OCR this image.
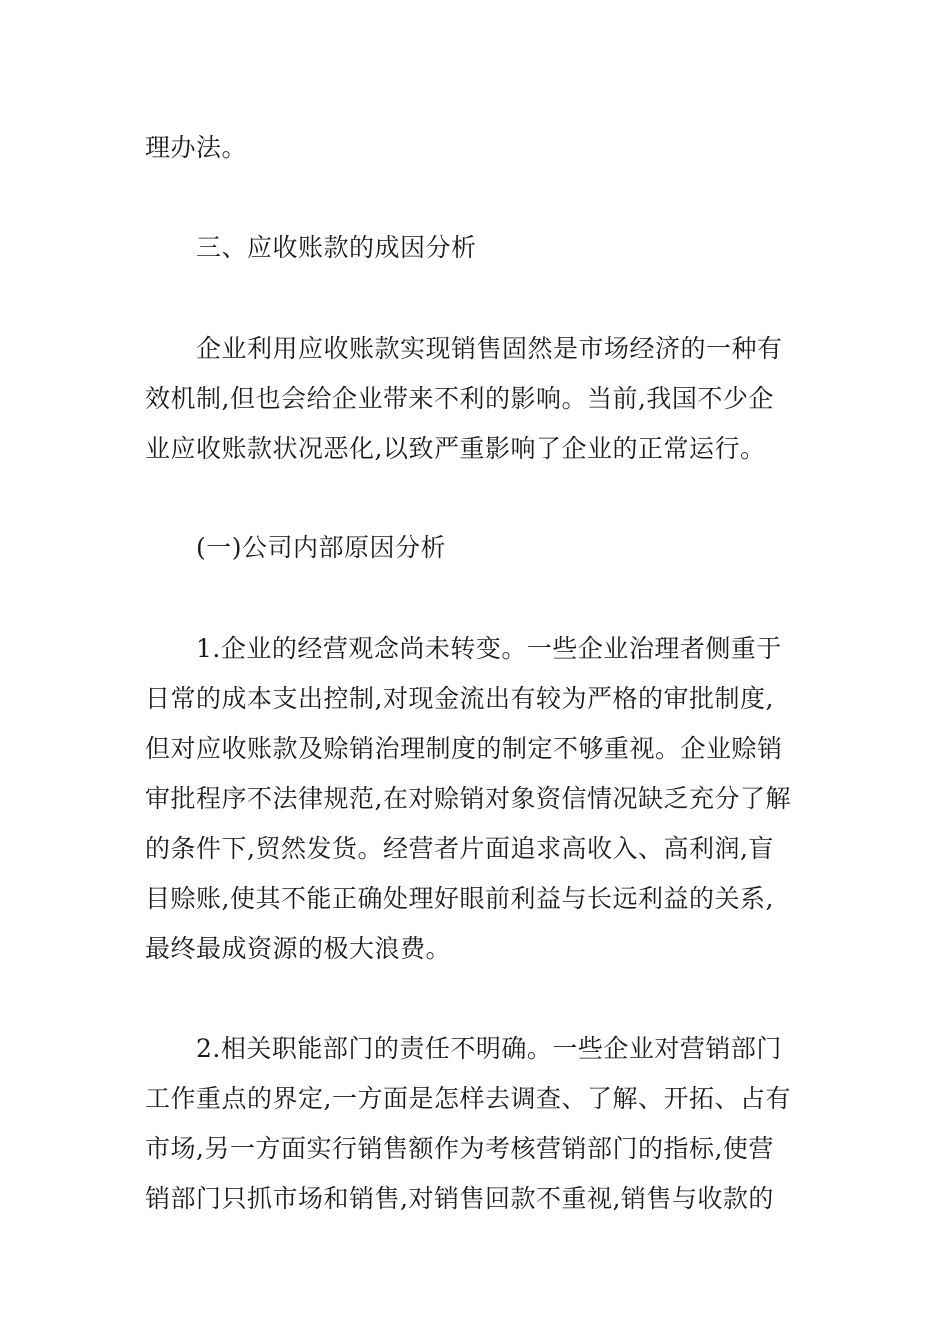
理办法。
三、应收账款的成因分析
企业利用应收账款实现销售固然是市场经济的一种有
效机制,但也会给企业带来不利的影响。当前,我国不少企
业应收账款状况恶化,以致严重影响了企业的正常运行。
(一)公司内部原因分析
1.企业的经营观念尚未转变。一些企业治理者侧重于
日常的成本支出控制,对现金流出有较为严格的审批制度,
但对应收账款及赊销治理制度的制定不够重视。企业赊销
审批程序不法律规范,在对赊销对象资信情况缺乏充分了解
的条件下,贸然发货。经营者片面追求高收入、高利润,盲
目赊账,使其不能正确处理好眼前利益与长远利益的关系,
最终最成资源的极大浪费。
2.相关职能部门的责任不明确。一些企业对营销部门
工作重点的界定,一方面是怎样去调查、了解、开拓、占有
市场,另一方面实行销售额作为考核营销部门的指标,使营
销部门只抓市场和销售,对销售回款不重视,销售与收款的
